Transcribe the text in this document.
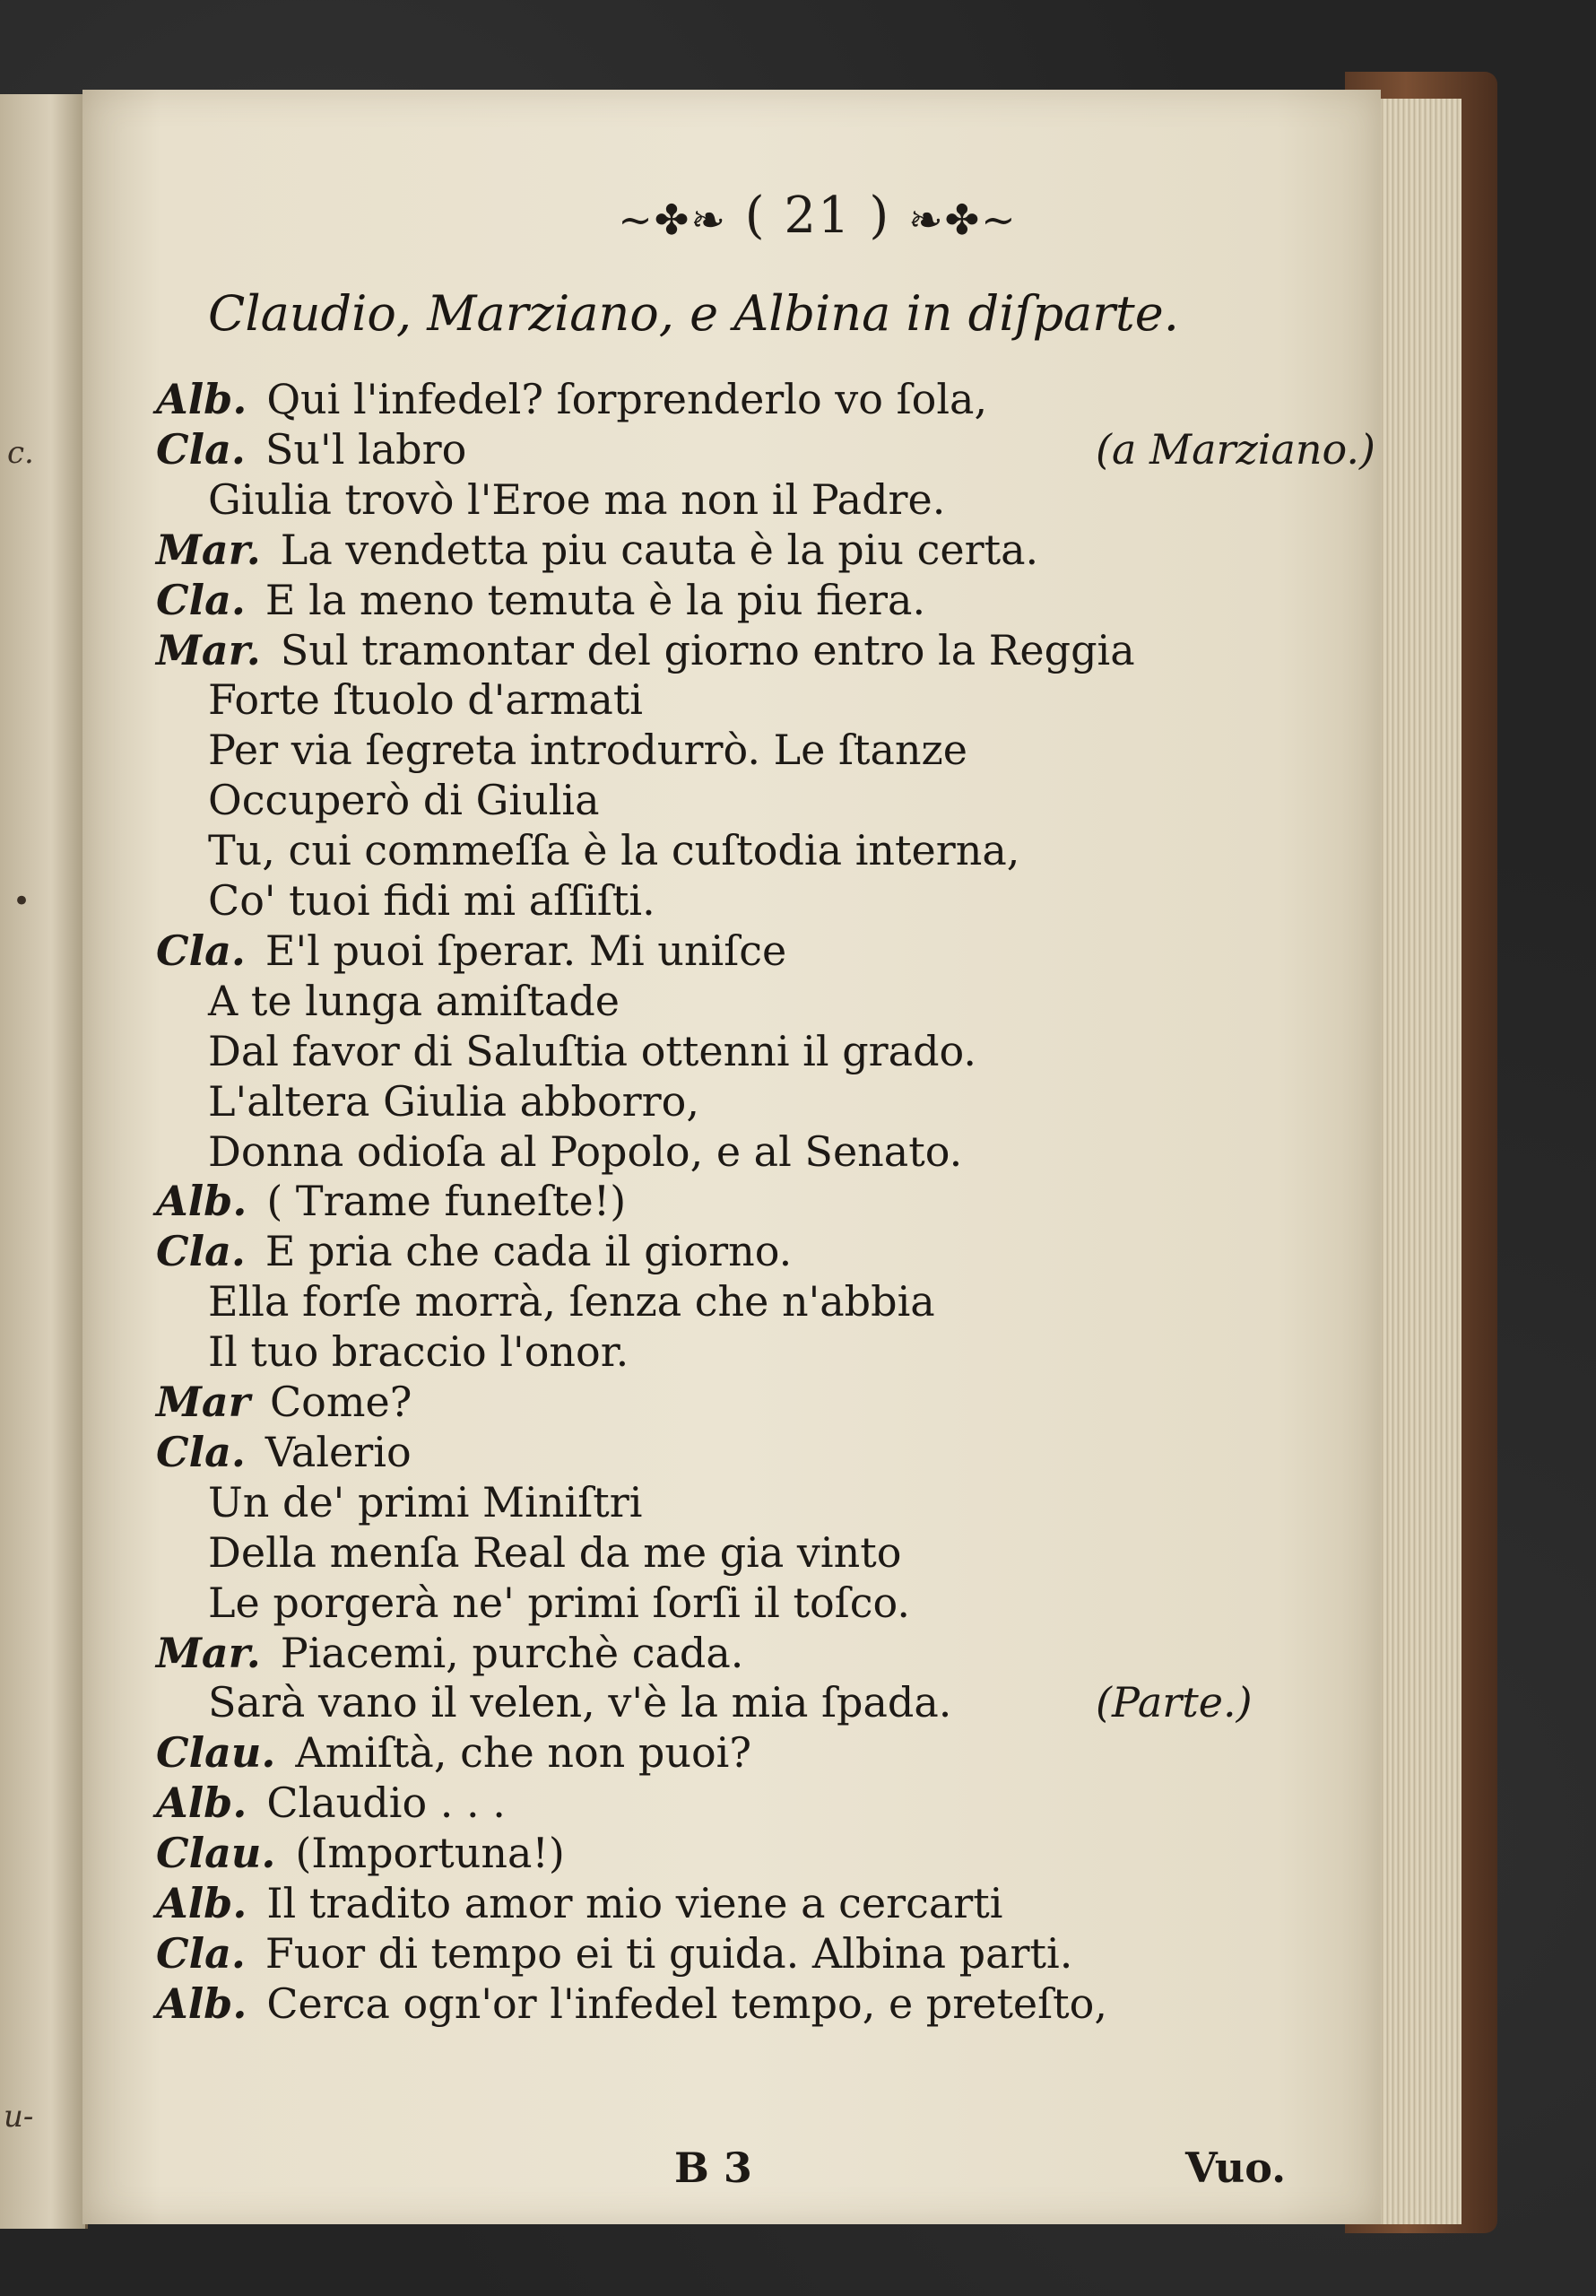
c.
•
u-
~✤❧ ( 21 ) ❧✤~
Claudio, Marziano, e Albina in diſparte.
Alb. Qui l'infedel? ſorprenderlo vo ſola,
Cla. Su'l labro	(a Marziano.)
Giulia trovò l'Eroe ma non il Padre.
Mar. La vendetta piu cauta è la piu certa.
Cla. E la meno temuta è la piu fiera.
Mar. Sul tramontar del giorno entro la Reggia
Forte ſtuolo d'armati
Per via ſegreta introdurrò. Le ſtanze
Occuperò di Giulia
Tu, cui commeſſa è la cuſtodia interna,
Co' tuoi fidi mi aſſiſti.
Cla. E'l puoi ſperar. Mi uniſce
A te lunga amiſtade
Dal favor di Saluſtia ottenni il grado.
L'altera Giulia abborro,
Donna odioſa al Popolo, e al Senato.
Alb. ( Trame funeſte!)
Cla. E pria che cada il giorno.
Ella forſe morrà, ſenza che n'abbia
Il tuo braccio l'onor.
Mar Come?
Cla. Valerio
Un de' primi Miniſtri
Della menſa Real da me gia vinto
Le porgerà ne' primi ſorſi il toſco.
Mar. Piacemi, purchè cada.
Sarà vano il velen, v'è la mia ſpada.	(Parte.)
Clau. Amiſtà, che non puoi?
Alb. Claudio . . .
Clau. (Importuna!)
Alb. Il tradito amor mio viene a cercarti
Cla. Fuor di tempo ei ti guida. Albina parti.
Alb. Cerca ogn'or l'infedel tempo, e preteſto,
B 3	Vuo.
